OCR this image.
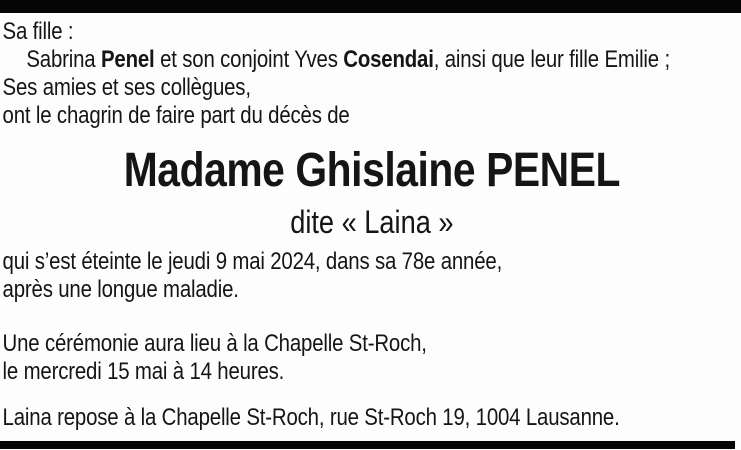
Sa fille :
Sabrina Penel et son conjoint Yves Cosendai, ainsi que leur fille Emilie ;
Ses amies et ses collègues,
ont le chagrin de faire part du décès de

Madame Ghislaine PENEL
dite « Laina »

qui s’est éteinte le jeudi 9 mai 2024, dans sa 78e année,
après une longue maladie.

Une cérémonie aura lieu à la Chapelle St-Roch,
le mercredi 15 mai à 14 heures.

Laina repose à la Chapelle St-Roch, rue St-Roch 19, 1004 Lausanne.
